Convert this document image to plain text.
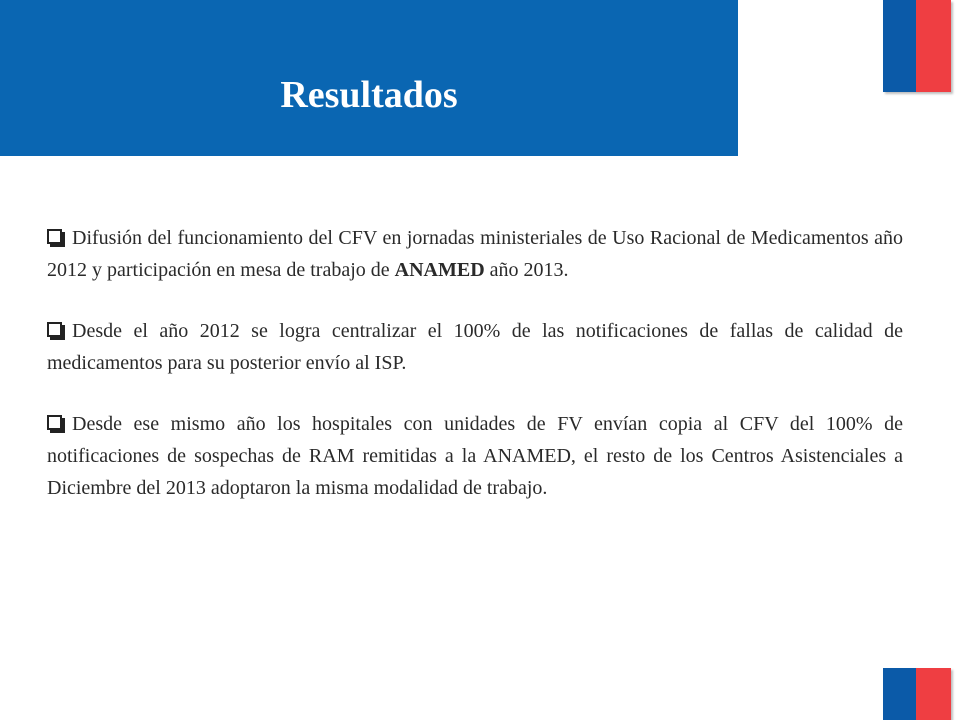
Resultados

Difusión del funcionamiento del CFV en jornadas ministeriales de Uso Racional de Medicamentos año 2012 y participación en mesa de trabajo de ANAMED año 2013.

Desde el año 2012 se logra centralizar el 100% de las notificaciones de fallas de calidad de medicamentos para su posterior envío al ISP.

Desde ese mismo año los hospitales con unidades de FV envían copia al CFV del 100% de notificaciones de sospechas de RAM remitidas a la ANAMED, el resto de los Centros Asistenciales a Diciembre del 2013 adoptaron la misma modalidad de trabajo.
